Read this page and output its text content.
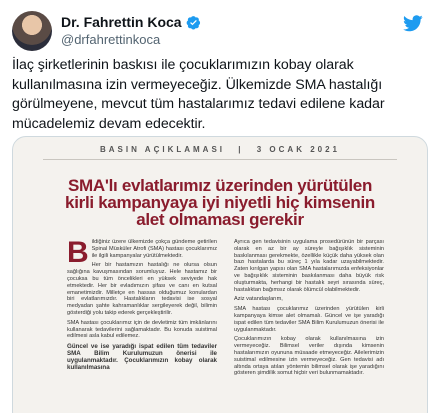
Dr. Fahrettin Koca
@drfahrettinkoca

İlaç şirketlerinin baskısı ile çocuklarımızın kobay olarak

kullanılmasına izin vermeyeceğiz. Ülkemizde SMA hastalığı

görülmeyene, mevcut tüm hastalarımız tedavi edilene kadar

mücadelemiz devam edecektir.

BASIN AÇIKLAMASI | 3 OCAK 2021
SMA'lı evlatlarımız üzerinden yürütülen
kirli kampanyaya iyi niyetli hiç kimsenin
alet olmaması gerekir

Bildiğiniz üzere ülkemizde çokça gündeme getirilen Spinal Müsküler Atrofi (SMA) hastası çocuklarımız ile ilgili kampanyalar yürütülmektedir.

Her bir hastamızın hastalığı ne olursa olsun sağlığına kavuşmasından sorumluyuz. Hele hastamız bir çocuksa bu tüm öncelikleri en yüksek seviyede hak etmektedir. Her bir evladımızın şifası ve canı en kutsal emanetimizdir. Milletçe en hassas olduğumuz konulardan biri evlatlarımızdır. Hastalıkların tedavisi ise sosyal medyadan şahte kahramanlıklar sergileyerek değil, bilimin gösterdiği yolu takip ederek gerçekleştirilir.

SMA hastası çocuklarımız için de devletimiz tüm imkânlarını kullanarak tedavilerini sağlamaktadır. Bu konuda suistimal edilmesi asla kabul edilemez.

Güncel ve ise yaradığı ispat edilen tüm tedaviler SMA Bilim Kurulumuzun önerisi ile uygulanmaktadır. Çocuklarımızın kobay olarak kullanılmasına

Ayrıca gen tedavisinin uygulama prosedürünün bir parçası olarak en az bir ay süreyle bağışıklık sisteminin baskılanması gerekmekte, özellikle küçük daha yüksek olan bazı hastalarda bu süreç 1 yıla kadar uzayabilmektedir. Zaten kırılgan yapısı olan SMA hastalarımızda enfeksiyonlar ve bağışıklık sisteminin baskılanması daha büyük risk oluşturmakta, herhangi bir hastalık seyri sırasında süreç, hastalıktan bağımsız olarak ölümcül olabilmektedir.

Aziz vatandaşlarım,

SMA hastası çocuklarımız üzerinden yürütülen kirli kampanyaya kimse alet olmamalı. Güncel ve işe yaradığı ispat edilen tüm tedaviler SMA Bilim Kurulumuzun önerisi ile uygulanmaktadır.

Çocuklarımızın kobay olarak kullanılmasına izin vermeyeceğiz. Bilimsel veriler dışında kimsenin hastalarımızın oyununa müsaade etmeyeceğiz. Ailelerimizin suistimal edilmesine izin vermeyeceğiz. Gen tedavisi adı altında ortaya atılan yöntemin bilimsel olarak işe yaradığını gösteren şimdilik somut hiçbir veri bulunmamaktadır.
